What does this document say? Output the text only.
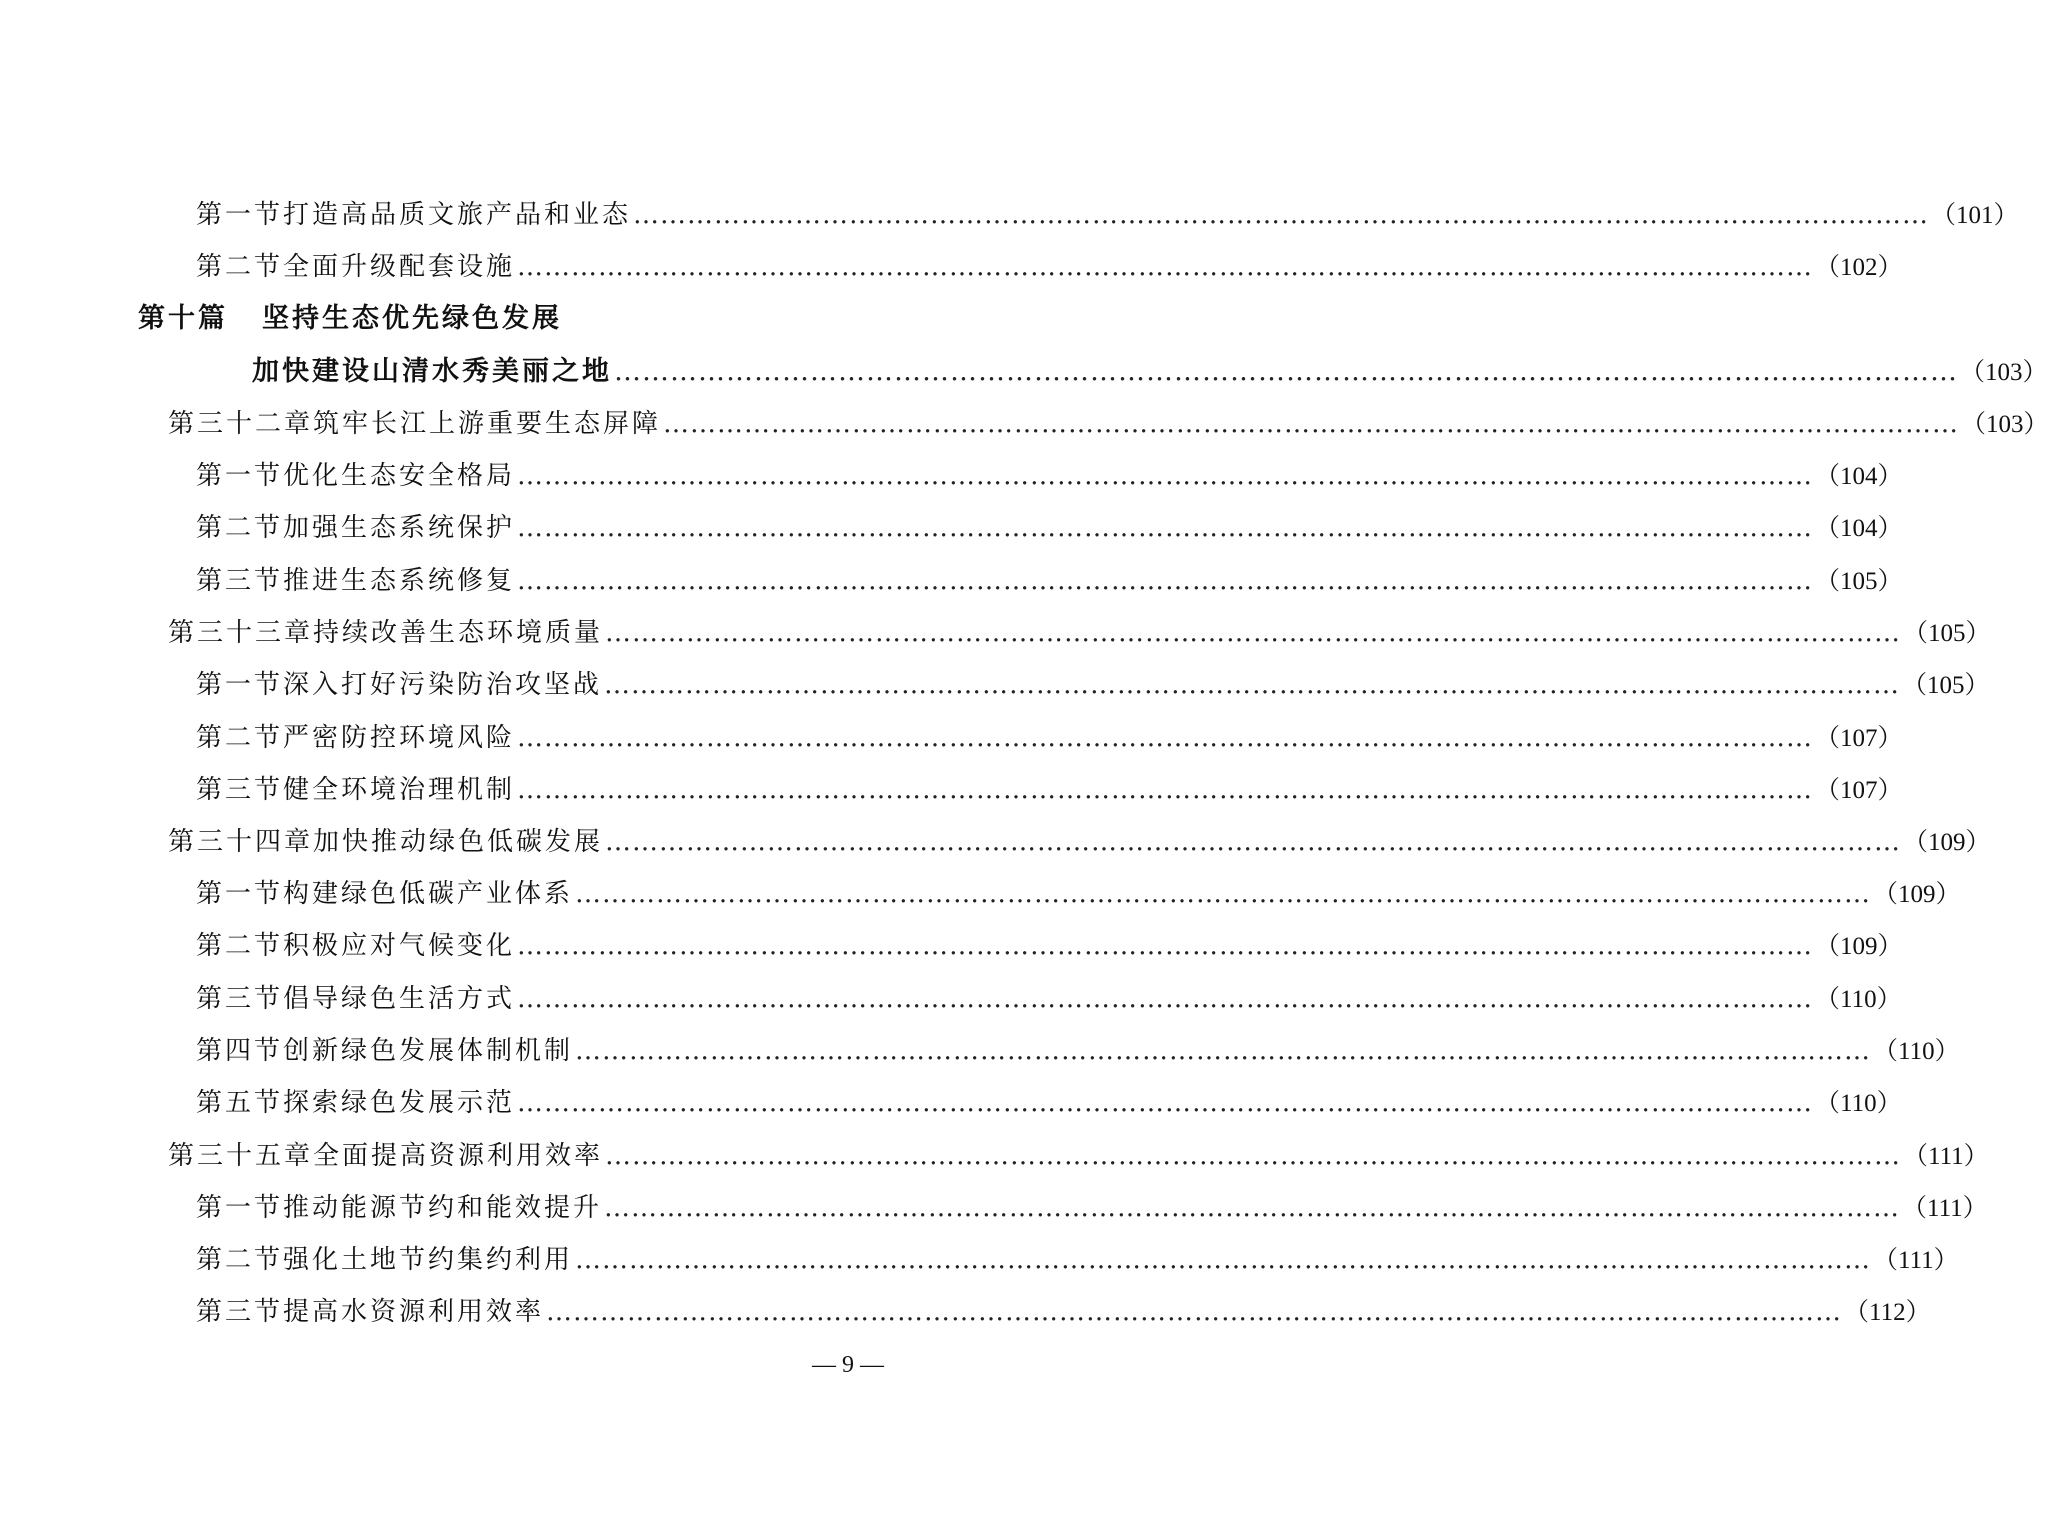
第一节 打造高品质文旅产品和业态 ……………………………………………………………………………………………………………………………… （101）
第二节 全面升级配套设施 ……………………………………………………………………………………………………………………………… （102）
第十篇 坚持生态优先绿色发展
加快建设山清水秀美丽之地 ……………………………………………………………………………………………………………………………… （103）
第三十二章 筑牢长江上游重要生态屏障 ……………………………………………………………………………………………………………………………… （103）
第一节 优化生态安全格局 ……………………………………………………………………………………………………………………………… （104）
第二节 加强生态系统保护 ……………………………………………………………………………………………………………………………… （104）
第三节 推进生态系统修复 ……………………………………………………………………………………………………………………………… （105）
第三十三章 持续改善生态环境质量 ……………………………………………………………………………………………………………………………… （105）
第一节 深入打好污染防治攻坚战 ……………………………………………………………………………………………………………………………… （105）
第二节 严密防控环境风险 ……………………………………………………………………………………………………………………………… （107）
第三节 健全环境治理机制 ……………………………………………………………………………………………………………………………… （107）
第三十四章 加快推动绿色低碳发展 ……………………………………………………………………………………………………………………………… （109）
第一节 构建绿色低碳产业体系 ……………………………………………………………………………………………………………………………… （109）
第二节 积极应对气候变化 ……………………………………………………………………………………………………………………………… （109）
第三节 倡导绿色生活方式 ……………………………………………………………………………………………………………………………… （110）
第四节 创新绿色发展体制机制 ……………………………………………………………………………………………………………………………… （110）
第五节 探索绿色发展示范 ……………………………………………………………………………………………………………………………… （110）
第三十五章 全面提高资源利用效率 ……………………………………………………………………………………………………………………………… （111）
第一节 推动能源节约和能效提升 ……………………………………………………………………………………………………………………………… （111）
第二节 强化土地节约集约利用 ……………………………………………………………………………………………………………………………… （111）
第三节 提高水资源利用效率 ……………………………………………………………………………………………………………………………… （112）
— 9 —
